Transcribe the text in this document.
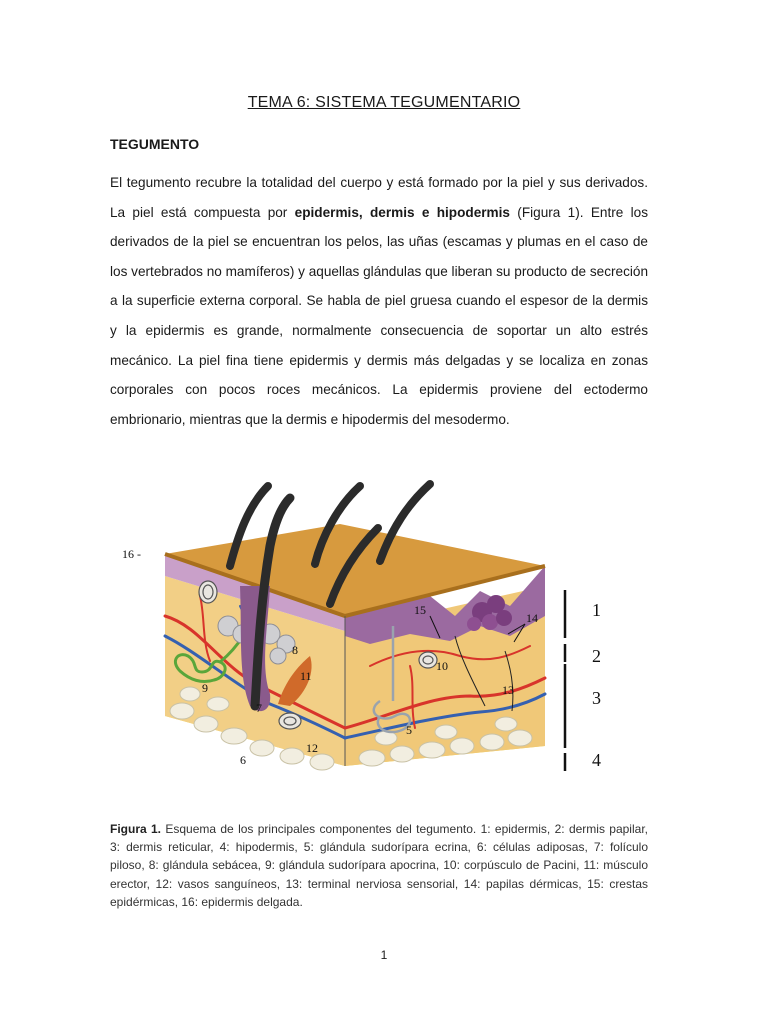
TEMA 6: SISTEMA TEGUMENTARIO
TEGUMENTO

El tegumento recubre la totalidad del cuerpo y está formado por la piel y sus derivados. La piel está compuesta por epidermis, dermis e hipodermis (Figura 1). Entre los derivados de la piel se encuentran los pelos, las uñas (escamas y plumas en el caso de los vertebrados no mamíferos) y aquellas glándulas que liberan su producto de secreción a la superficie externa corporal. Se habla de piel gruesa cuando el espesor de la dermis y la epidermis es grande, normalmente consecuencia de soportar un alto estrés mecánico. La piel fina tiene epidermis y dermis más delgadas y se localiza en zonas corporales con pocos roces mecánicos. La epidermis proviene del ectodermo embrionario, mientras que la dermis e hipodermis del mesodermo.

16 -
15
14
10
13
8
11
9
7
5
12
6
1
2
3
4

Figura 1. Esquema de los principales componentes del tegumento. 1: epidermis, 2: dermis papilar, 3: dermis reticular, 4: hipodermis, 5: glándula sudorípara ecrina, 6: células adiposas, 7: folículo piloso, 8: glándula sebácea, 9: glándula sudorípara apocrina, 10: corpúsculo de Pacini, 11: músculo erector, 12: vasos sanguíneos, 13: terminal nerviosa sensorial, 14: papilas dérmicas, 15: crestas epidérmicas, 16: epidermis delgada.

1
